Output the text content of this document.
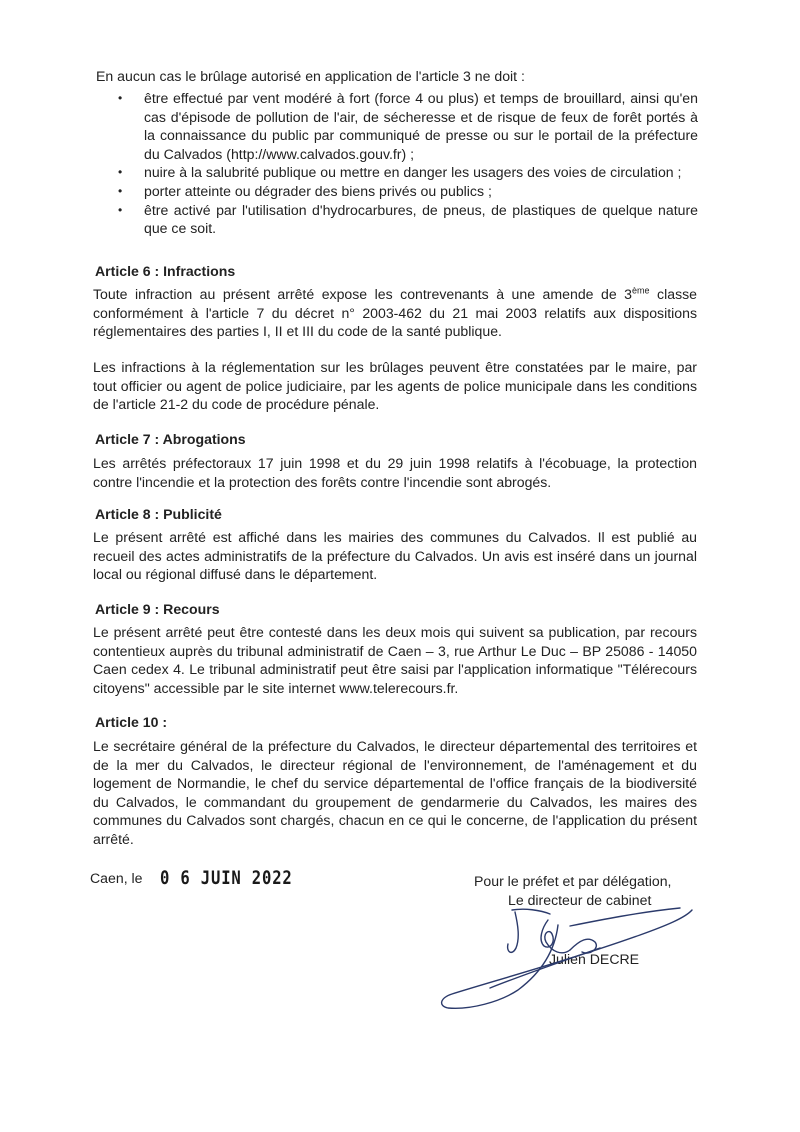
En aucun cas le brûlage autorisé en application de l'article 3 ne doit :
• être effectué par vent modéré à fort (force 4 ou plus) et temps de brouillard, ainsi qu'en cas d'épisode de pollution de l'air, de sécheresse et de risque de feux de forêt portés à la connaissance du public par communiqué de presse ou sur le portail de la préfecture du Calvados (http://www.calvados.gouv.fr) ;
• nuire à la salubrité publique ou mettre en danger les usagers des voies de circulation ;
• porter atteinte ou dégrader des biens privés ou publics ;
• être activé par l'utilisation d'hydrocarbures, de pneus, de plastiques de quelque nature que ce soit.
Article 6 : Infractions
Toute infraction au présent arrêté expose les contrevenants à une amende de 3ème classe conformément à l'article 7 du décret n° 2003-462 du 21 mai 2003 relatifs aux dispositions réglementaires des parties I, II et III du code de la santé publique.
Les infractions à la réglementation sur les brûlages peuvent être constatées par le maire, par tout officier ou agent de police judiciaire, par les agents de police municipale dans les conditions de l'article 21-2 du code de procédure pénale.
Article 7 : Abrogations
Les arrêtés préfectoraux 17 juin 1998 et du 29 juin 1998 relatifs à l'écobuage, la protection contre l'incendie et la protection des forêts contre l'incendie sont abrogés.
Article 8 : Publicité
Le présent arrêté est affiché dans les mairies des communes du Calvados. Il est publié au recueil des actes administratifs de la préfecture du Calvados. Un avis est inséré dans un journal local ou régional diffusé dans le département.
Article 9 : Recours
Le présent arrêté peut être contesté dans les deux mois qui suivent sa publication, par recours contentieux auprès du tribunal administratif de Caen – 3, rue Arthur Le Duc – BP 25086 - 14050 Caen cedex 4. Le tribunal administratif peut être saisi par l'application informatique "Télérecours citoyens" accessible par le site internet www.telerecours.fr.
Article 10 :
Le secrétaire général de la préfecture du Calvados, le directeur départemental des territoires et de la mer du Calvados, le directeur régional de l'environnement, de l'aménagement et du logement de Normandie, le chef du service départemental de l'office français de la biodiversité du Calvados, le commandant du groupement de gendarmerie du Calvados, les maires des communes du Calvados sont chargés, chacun en ce qui le concerne, de l'application du présent arrêté.
Caen, le 0 6 JUIN 2022	Pour le préfet et par délégation,
Le directeur de cabinet
Julien DECRE
